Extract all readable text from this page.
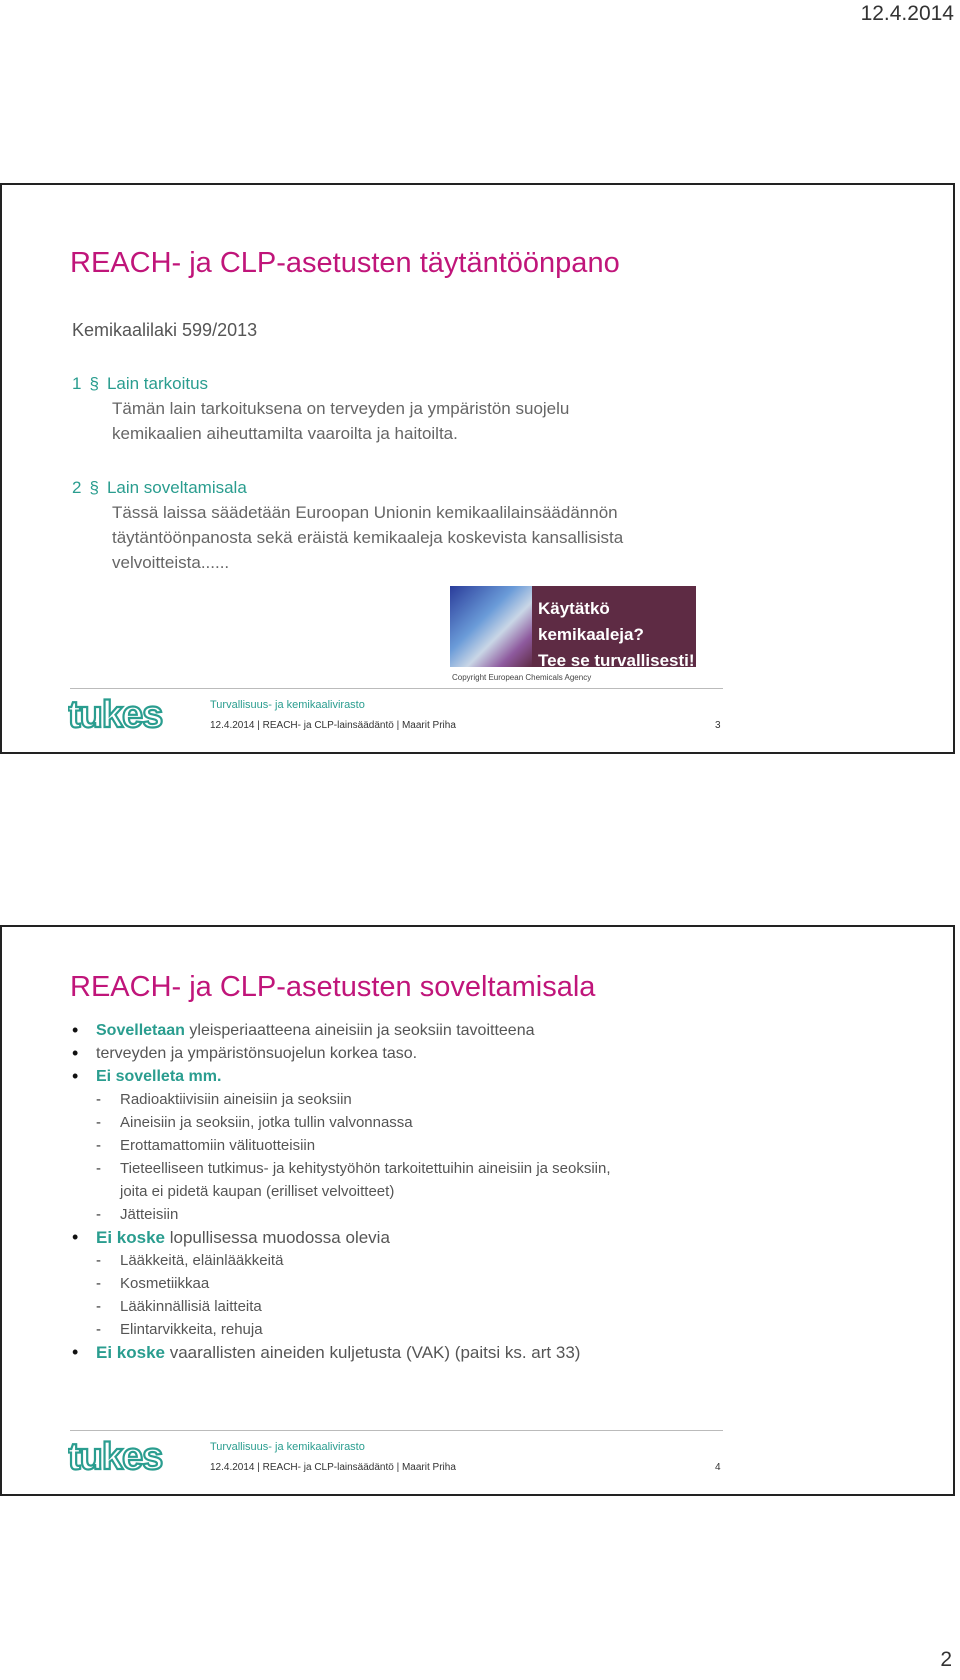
12.4.2014
REACH- ja CLP-asetusten täytäntöönpano
Kemikaalilaki 599/2013
1 § Lain tarkoitus
Tämän lain tarkoituksena on terveyden ja ympäristön suojelu
kemikaalien aiheuttamilta vaaroilta ja haitoilta.
2 § Lain soveltamisala
Tässä laissa säädetään Euroopan Unionin kemikaalilainsäädännön
täytäntöönpanosta sekä eräistä kemikaaleja koskevista kansallisista
velvoitteista......
Käytätkö kemikaaleja?
Tee se turvallisesti!
Copyright European Chemicals Agency
tukes	Turvallisuus- ja kemikaalivirasto
12.4.2014 | REACH- ja CLP-lainsäädäntö | Maarit Priha	3
REACH- ja CLP-asetusten soveltamisala
• Sovelletaan yleisperiaatteena aineisiin ja seoksiin tavoitteena
• terveyden ja ympäristönsuojelun korkea taso.
• Ei sovelleta mm.
- Radioaktiivisiin aineisiin ja seoksiin
- Aineisiin ja seoksiin, jotka tullin valvonnassa
- Erottamattomiin välituotteisiin
- Tieteelliseen tutkimus- ja kehitystyöhön tarkoitettuihin aineisiin ja seoksiin,
joita ei pidetä kaupan (erilliset velvoitteet)
- Jätteisiin
• Ei koske lopullisessa muodossa olevia
- Lääkkeitä, eläinlääkkeitä
- Kosmetiikkaa
- Lääkinnällisiä laitteita
- Elintarvikkeita, rehuja
• Ei koske vaarallisten aineiden kuljetusta (VAK) (paitsi ks. art 33)
tukes	Turvallisuus- ja kemikaalivirasto
12.4.2014 | REACH- ja CLP-lainsäädäntö | Maarit Priha	4
2
